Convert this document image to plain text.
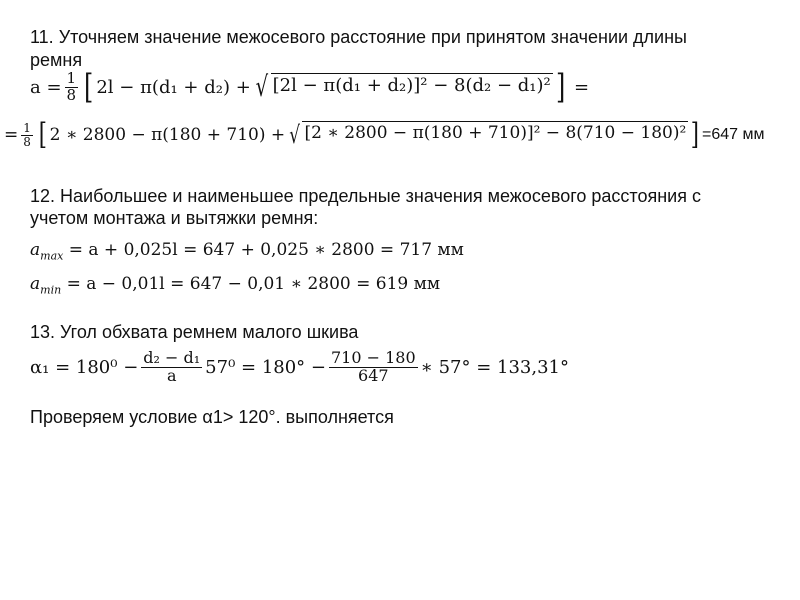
11. Уточняем значение межосевого расстояние при принятом значении длины
ремня
$a = \frac{1}{8}$ [ 2l − π(d₁ + d₂) + √ [2l − π(d₁ + d₂)]² − 8(d₂ − d₁)² ] =
= $\frac{1}{8}$ [ 2 ∗ 2800 − π(180 + 710) + √ [2 ∗ 2800 − π(180 + 710)]² − 8(710 − 180)² ] =647 мм
12. Наибольшее и наименьшее предельные значения межосевого расстояния с
учетом монтажа и вытяжки ремня:
$a_{max} = a + 0,025l = 647 + 0,025$ ∗ 2800 = 717 мм
$a_{min} = a - 0,01l = 647 - 0,01$ ∗ 2800 = 619 мм
13. Угол обхвата ремнем малого шкива
$\alpha_1 = 180^0 - \frac{\text{d₂ − d₁}}{a} 57^0 = 180^\circ - \frac{710 - 180}{647}$ ∗ 57° = 133,31°
Проверяем условие α1> 120°. выполняется
